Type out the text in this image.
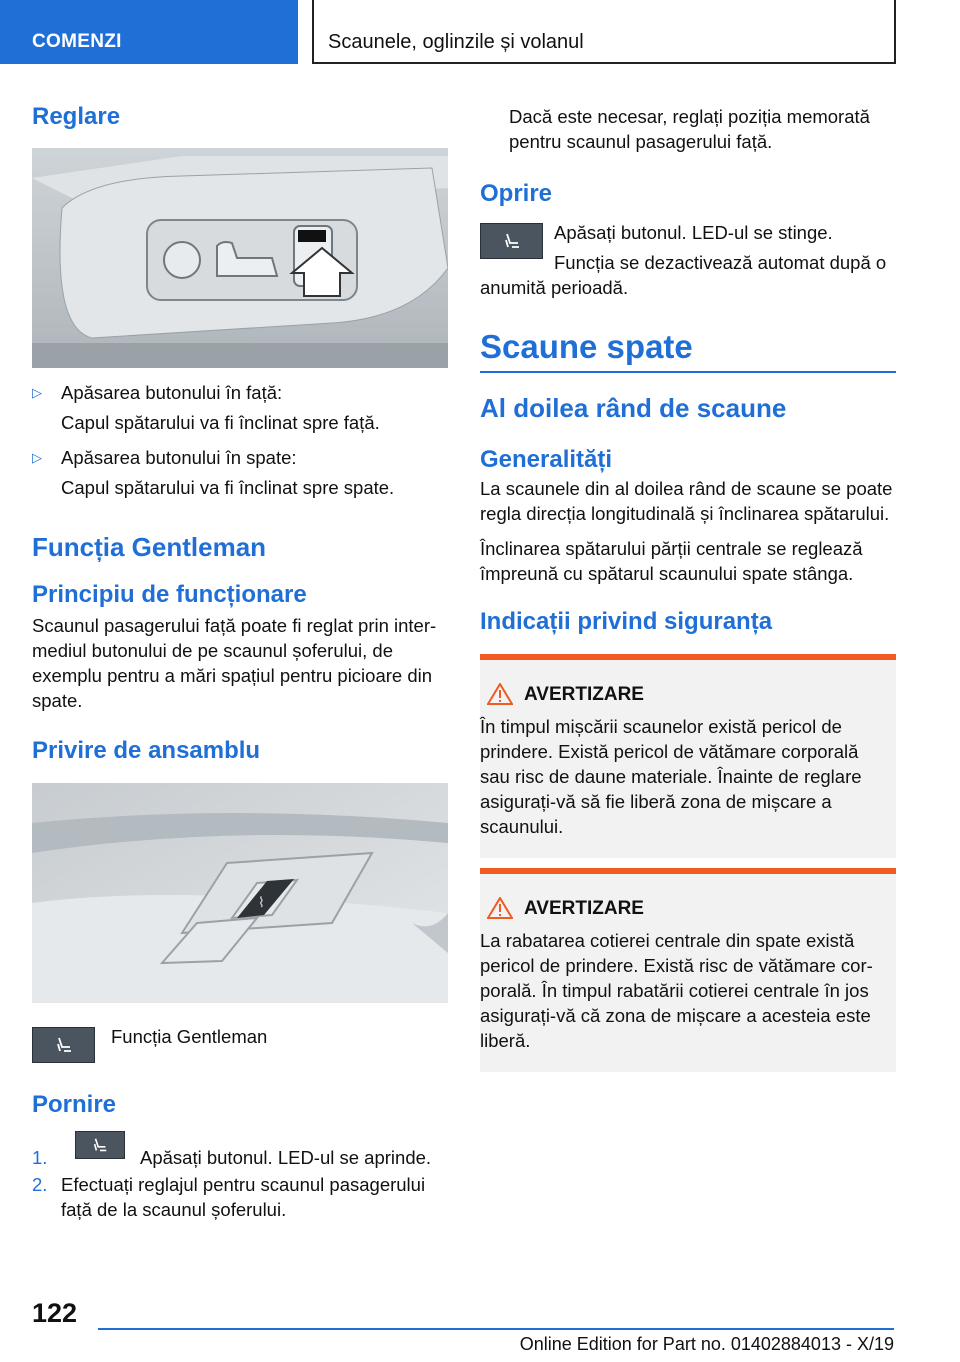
COMENZI	Scaunele, oglinzile și volanul
Reglare
▷ Apăsarea butonului în față:
Capul spătarului va fi înclinat spre față.
▷ Apăsarea butonului în spate:
Capul spătarului va fi înclinat spre spate.
Funcția Gentleman
Principiu de funcționare
Scaunul pasagerului față poate fi reglat prin inter-mediul butonului de pe scaunul șoferului, de exemplu pentru a mări spațiul pentru picioare din spate.
Privire de ansamblu
⌇
Funcția Gentleman
Pornire
1.	Apăsați butonul. LED-ul se aprinde.
2. Efectuați reglajul pentru scaunul pasagerului față de la scaunul șoferului.
Dacă este necesar, reglați poziția memorată pentru scaunul pasagerului față.
Oprire
Apăsați butonul. LED-ul se stinge.
Funcția se dezactivează automat după o anumită perioadă.
Scaune spate
Al doilea rând de scaune
Generalități
La scaunele din al doilea rând de scaune se poate regla direcția longitudinală și înclinarea spătarului.
Înclinarea spătarului părții centrale se reglează împreună cu spătarul scaunului spate stânga.
Indicații privind siguranța
AVERTIZARE
În timpul mișcării scaunelor există pericol de prindere. Există pericol de vătămare corporală sau risc de daune materiale. Înainte de reglare asigurați-vă să fie liberă zona de mișcare a scaunului.
AVERTIZARE
La rabatarea cotierei centrale din spate există pericol de prindere. Există risc de vătămare cor-porală. În timpul rabatării cotierei centrale în jos asigurați-vă că zona de mișcare a acesteia este liberă.
122
Online Edition for Part no. 01402884013 - X/19
